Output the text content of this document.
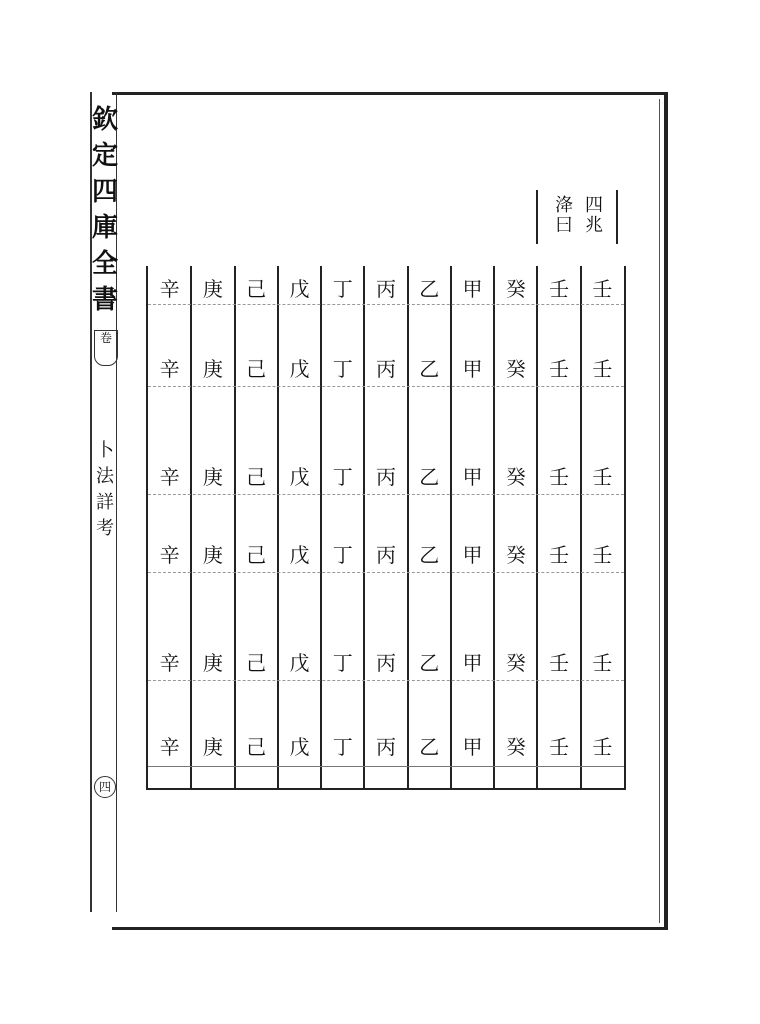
欽
定
四
庫
全
書
卷
卜
法
詳
考
四
四
兆
洚
曰
辛	庚	己	戊	丁	丙	乙	甲	癸	壬	壬
辛	庚	己	戊	丁	丙	乙	甲	癸	壬	壬
辛	庚	己	戊	丁	丙	乙	甲	癸	壬	壬
辛	庚	己	戊	丁	丙	乙	甲	癸	壬	壬
辛	庚	己	戊	丁	丙	乙	甲	癸	壬	壬
辛	庚	己	戊	丁	丙	乙	甲	癸	壬	壬
